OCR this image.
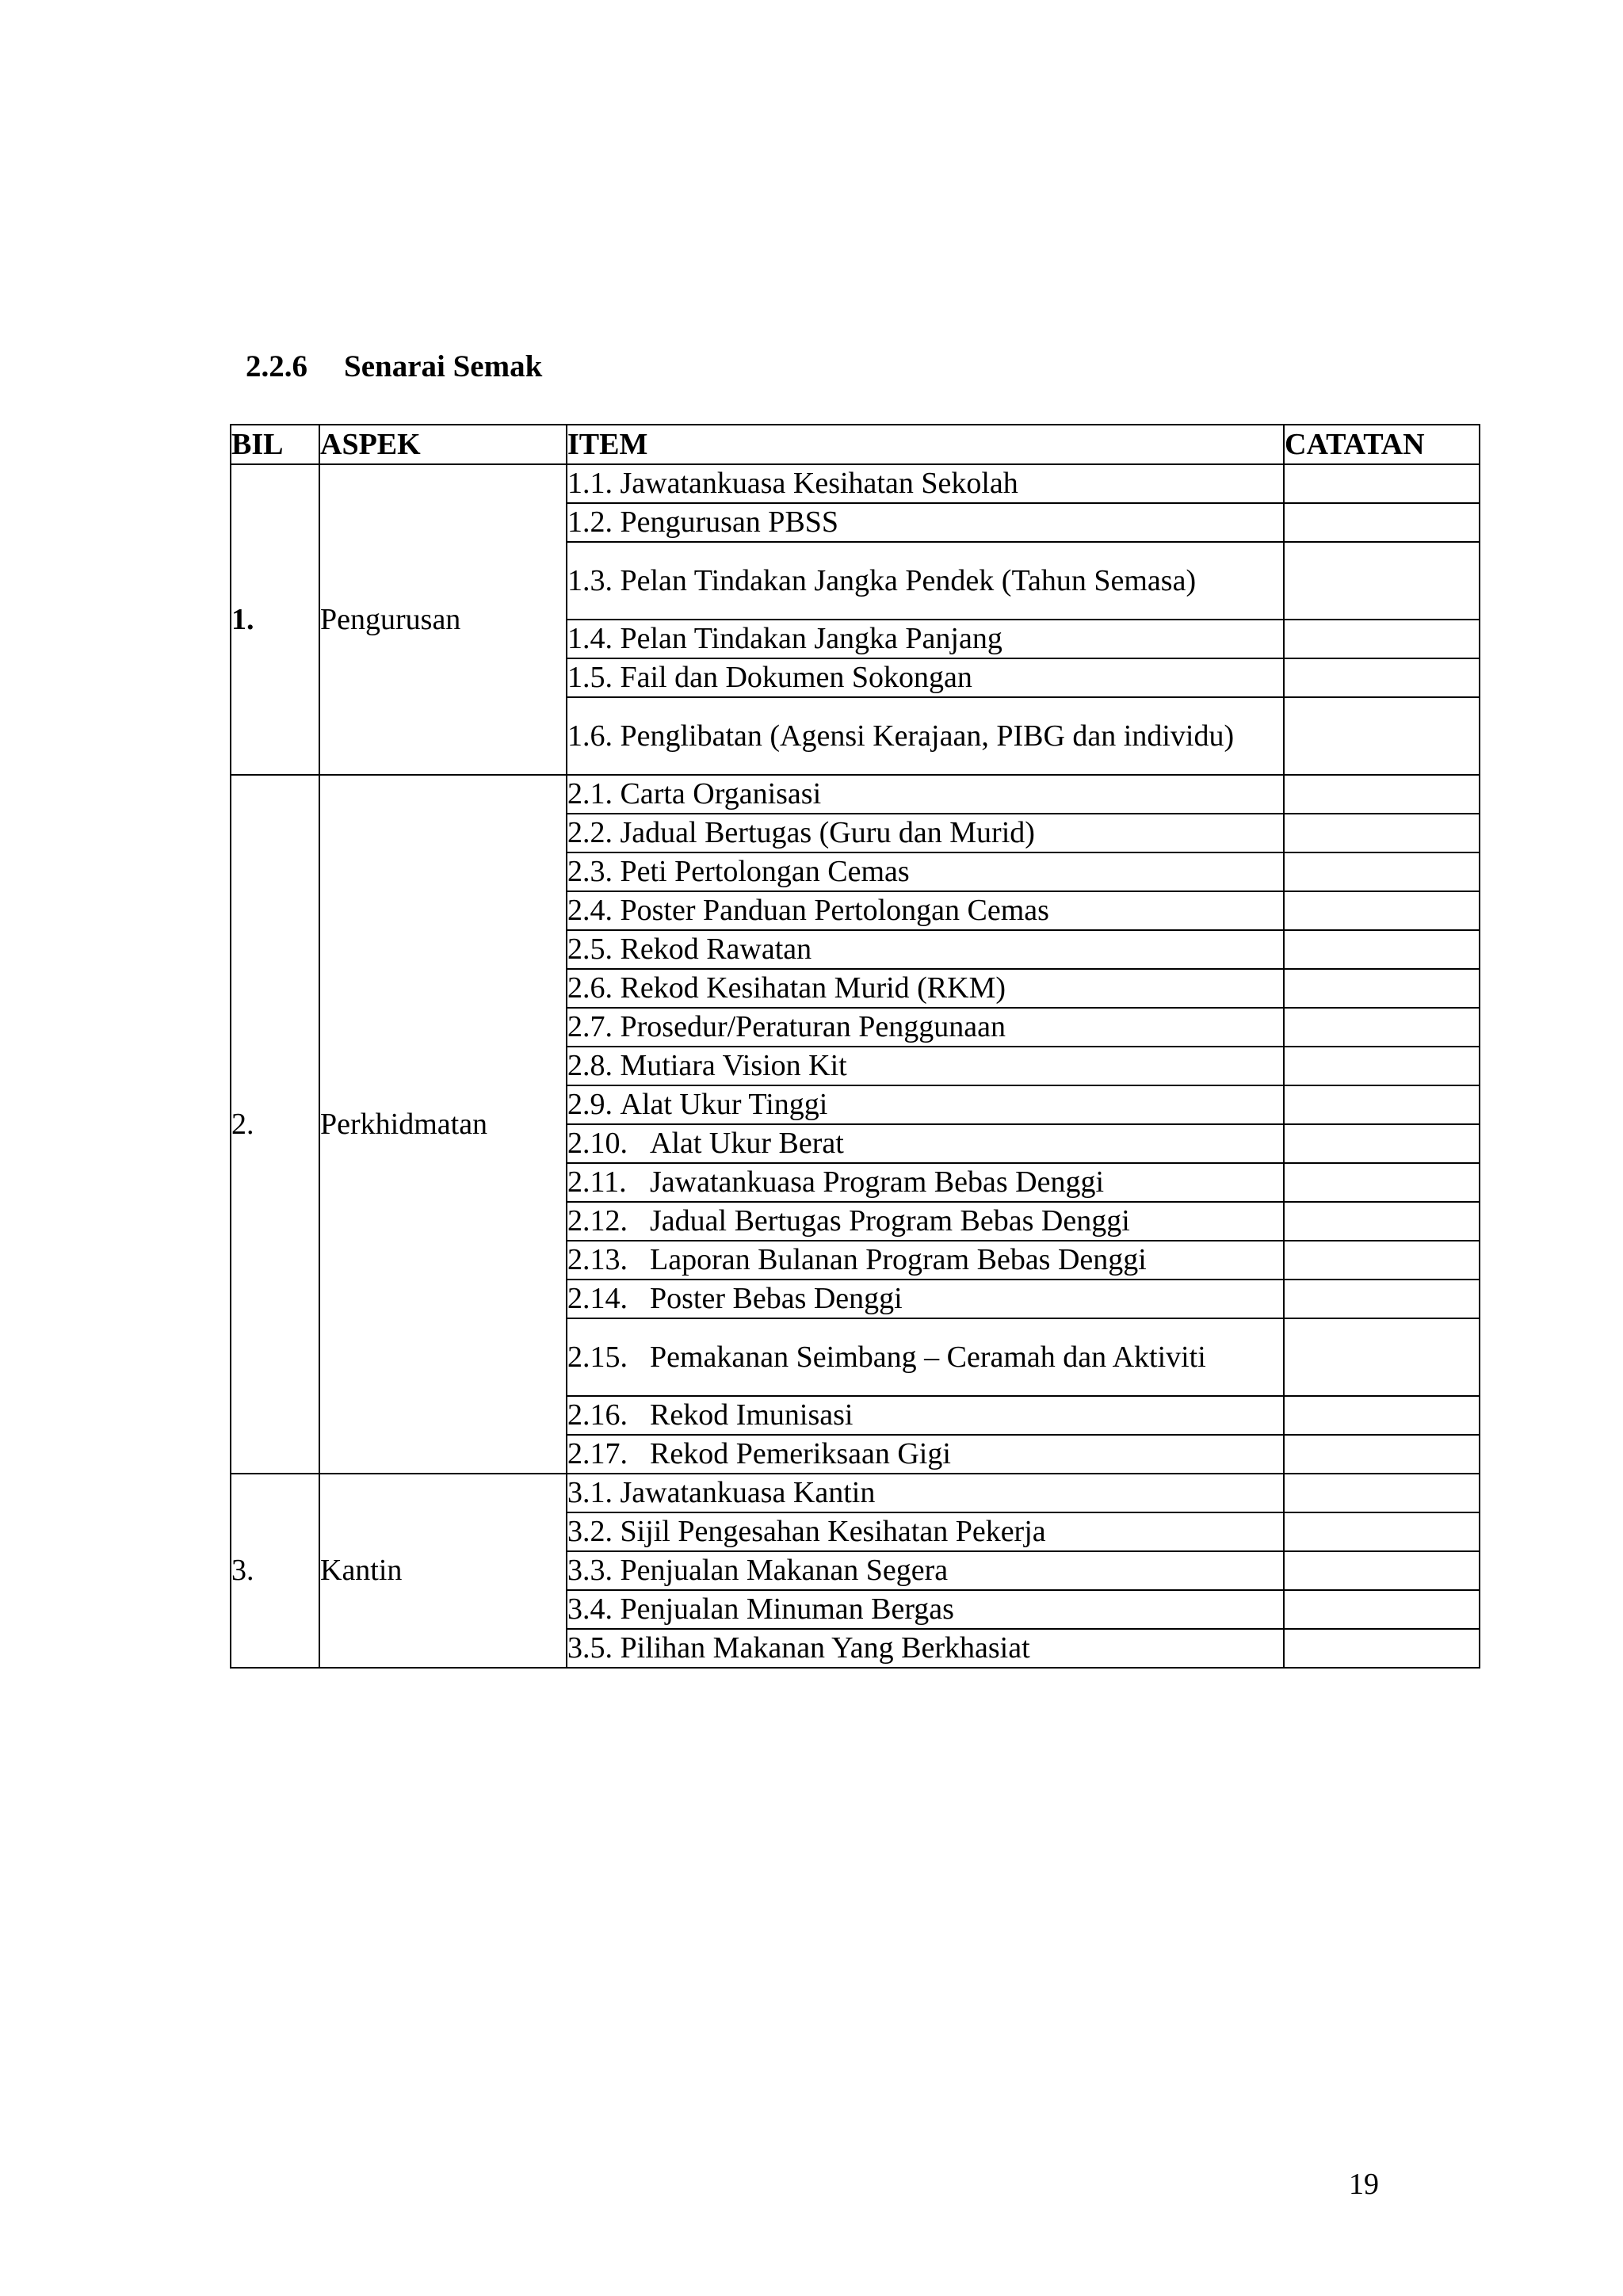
2.2.6 Senarai Semak
BIL	ASPEK	ITEM	CATATAN
1.	Pengurusan	1.1. Jawatankuasa Kesihatan Sekolah	

		1.2. Pengurusan PBSS	

		1.3. Pelan Tindakan Jangka Pendek (Tahun Semasa)	

		1.4. Pelan Tindakan Jangka Panjang	

		1.5. Fail dan Dokumen Sokongan	

		1.6. Penglibatan (Agensi Kerajaan, PIBG dan individu)	

2.	Perkhidmatan	2.1. Carta Organisasi	

		2.2. Jadual Bertugas (Guru dan Murid)	

		2.3. Peti Pertolongan Cemas	

		2.4. Poster Panduan Pertolongan Cemas	

		2.5. Rekod Rawatan	

		2.6. Rekod Kesihatan Murid (RKM)	

		2.7. Prosedur/Peraturan Penggunaan	

		2.8. Mutiara Vision Kit	

		2.9. Alat Ukur Tinggi	

		2.10. Alat Ukur Berat	

		2.11. Jawatankuasa Program Bebas Denggi	

		2.12. Jadual Bertugas Program Bebas Denggi	

		2.13. Laporan Bulanan Program Bebas Denggi	

		2.14. Poster Bebas Denggi	

		2.15. Pemakanan Seimbang – Ceramah dan Aktiviti	

		2.16. Rekod Imunisasi	

		2.17. Rekod Pemeriksaan Gigi	

3.	Kantin	3.1. Jawatankuasa Kantin	

		3.2. Sijil Pengesahan Kesihatan Pekerja	

		3.3. Penjualan Makanan Segera	

		3.4. Penjualan Minuman Bergas	

		3.5. Pilihan Makanan Yang Berkhasiat	

19
